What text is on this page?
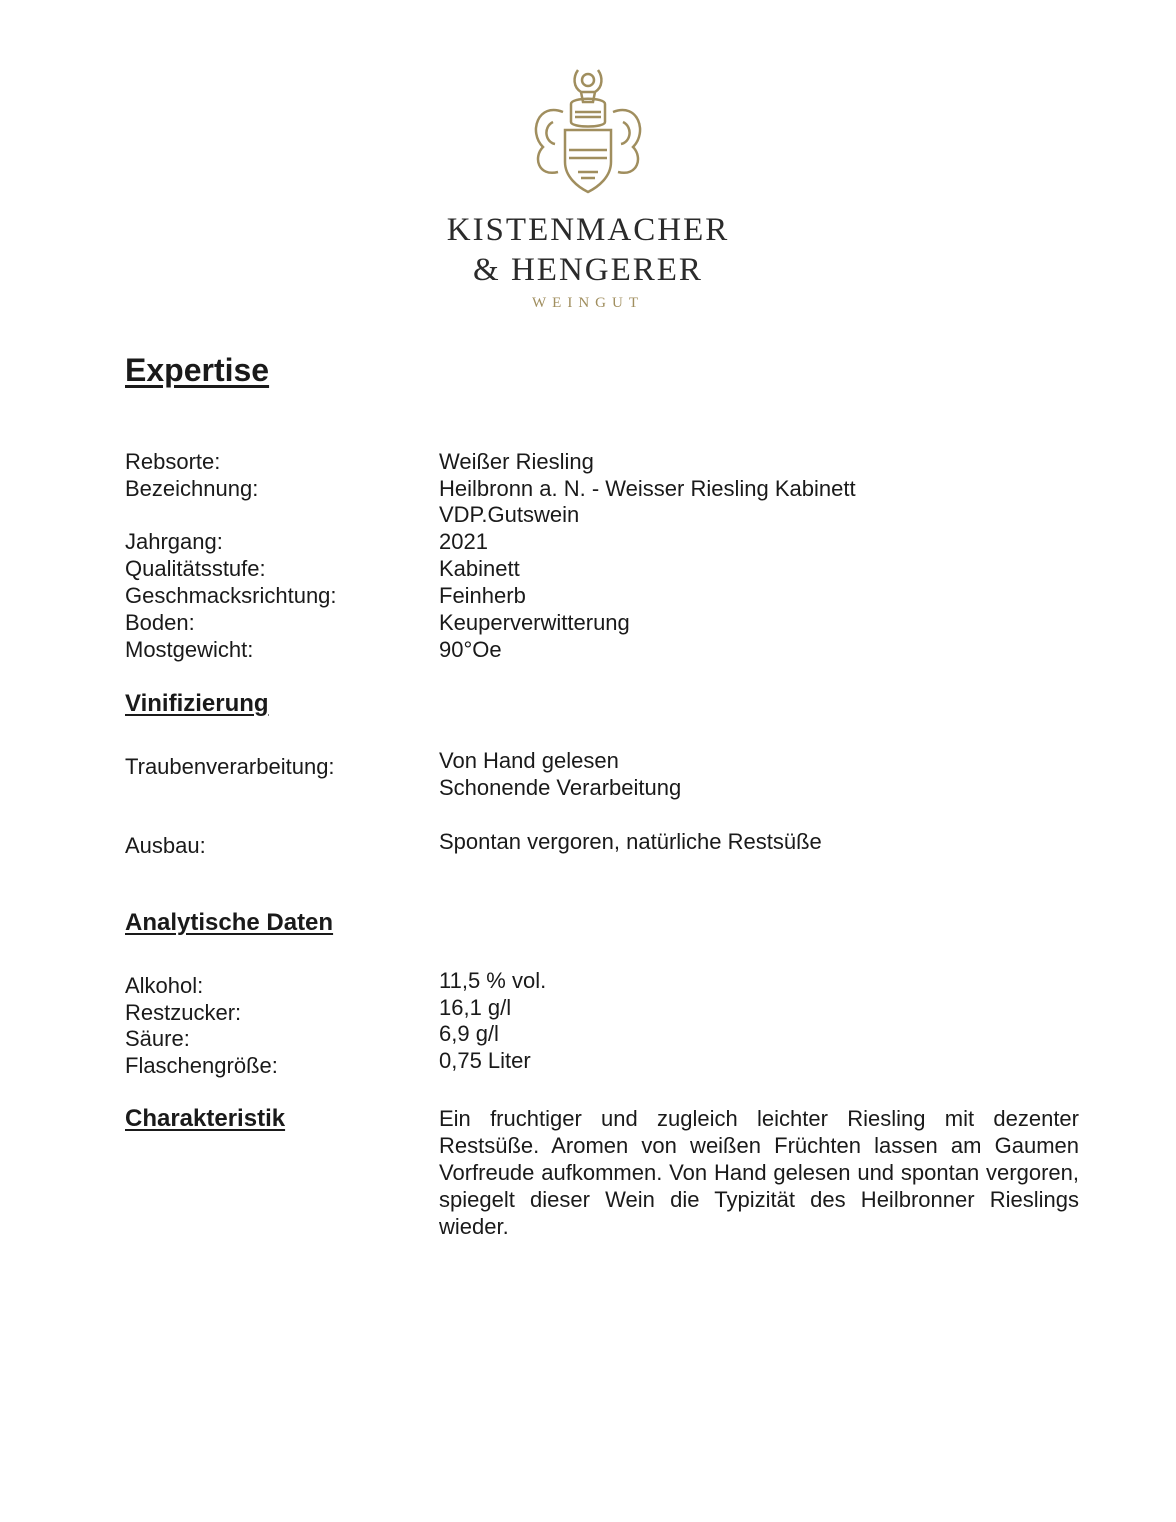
KISTENMACHER
& HENGERER
WEINGUT
Expertise
Rebsorte:	Weißer Riesling
Bezeichnung:	Heilbronn a. N. - Weisser Riesling Kabinett
VDP.Gutswein
Jahrgang:	2021
Qualitätsstufe:	Kabinett
Geschmacksrichtung:	Feinherb
Boden:	Keuperverwitterung
Mostgewicht:	90°Oe
Vinifizierung
Traubenverarbeitung:	Von Hand gelesen
Schonende Verarbeitung
Ausbau:	Spontan vergoren, natürliche Restsüße
Analytische Daten
Alkohol:	11,5 % vol.
Restzucker:	16,1 g/l
Säure:	6,9 g/l
Flaschengröße:	0,75 Liter
Charakteristik	Ein fruchtiger und zugleich leichter Riesling mit dezenter Restsüße. Aromen von weißen Früchten lassen am Gaumen Vorfreude aufkommen. Von Hand gelesen und spontan vergoren, spiegelt dieser Wein die Typizität des Heilbronner Rieslings wieder.
